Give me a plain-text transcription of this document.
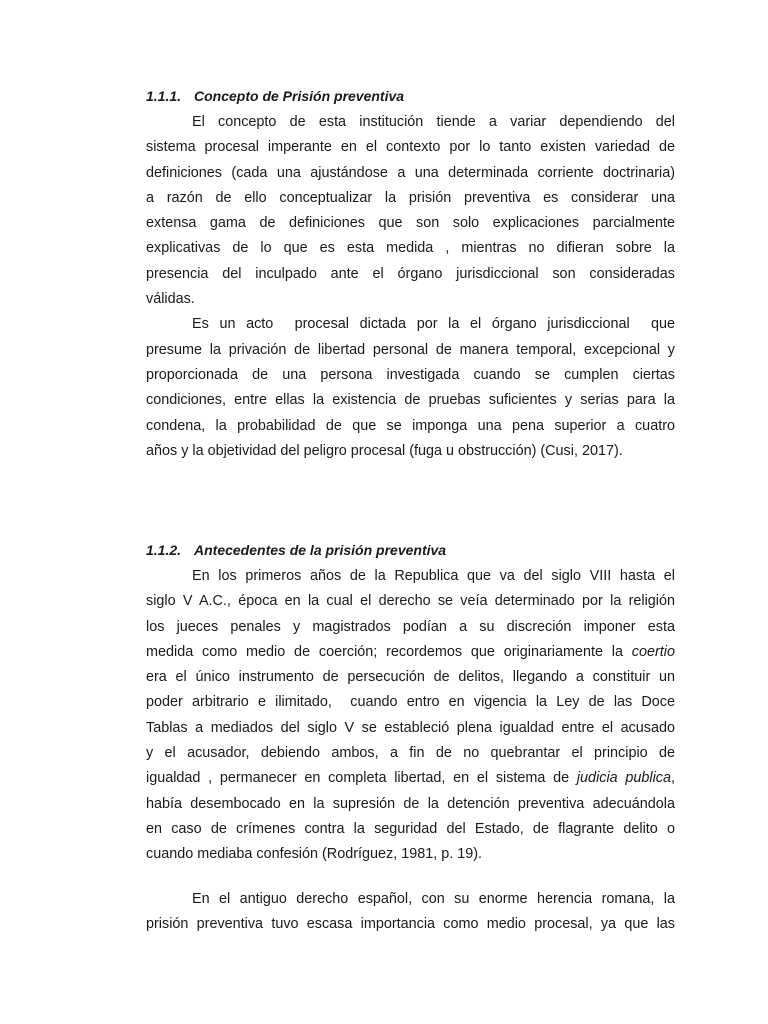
1.1.1. Concepto de Prisión preventiva

El concepto de esta institución tiende a variar dependiendo del
sistema procesal imperante en el contexto por lo tanto existen variedad de
definiciones (cada una ajustándose a una determinada corriente doctrinaria)
a razón de ello conceptualizar la prisión preventiva es considerar una
extensa gama de definiciones que son solo explicaciones parcialmente
explicativas de lo que es esta medida , mientras no difieran sobre la
presencia del inculpado ante el órgano jurisdiccional son consideradas
válidas.

Es un acto  procesal dictada por la el órgano jurisdiccional  que
presume la privación de libertad personal de manera temporal, excepcional y
proporcionada de una persona investigada cuando se cumplen ciertas
condiciones, entre ellas la existencia de pruebas suficientes y serias para la
condena, la probabilidad de que se imponga una pena superior a cuatro
años y la objetividad del peligro procesal (fuga u obstrucción) (Cusi, 2017).

1.1.2. Antecedentes de la prisión preventiva

En los primeros años de la Republica que va del siglo VIII hasta el
siglo V A.C., época en la cual el derecho se veía determinado por la religión
los jueces penales y magistrados podían a su discreción imponer esta
medida como medio de coerción; recordemos que originariamente la coertio
era el único instrumento de persecución de delitos, llegando a constituir un
poder arbitrario e ilimitado,  cuando entro en vigencia la Ley de las Doce
Tablas a mediados del siglo V se estableció plena igualdad entre el acusado
y el acusador, debiendo ambos, a fin de no quebrantar el principio de
igualdad , permanecer en completa libertad, en el sistema de judicia publica,
había desembocado en la supresión de la detención preventiva adecuándola
en caso de crímenes contra la seguridad del Estado, de flagrante delito o
cuando mediaba confesión (Rodríguez, 1981, p. 19).

En el antiguo derecho español, con su enorme herencia romana, la
prisión preventiva tuvo escasa importancia como medio procesal, ya que las
